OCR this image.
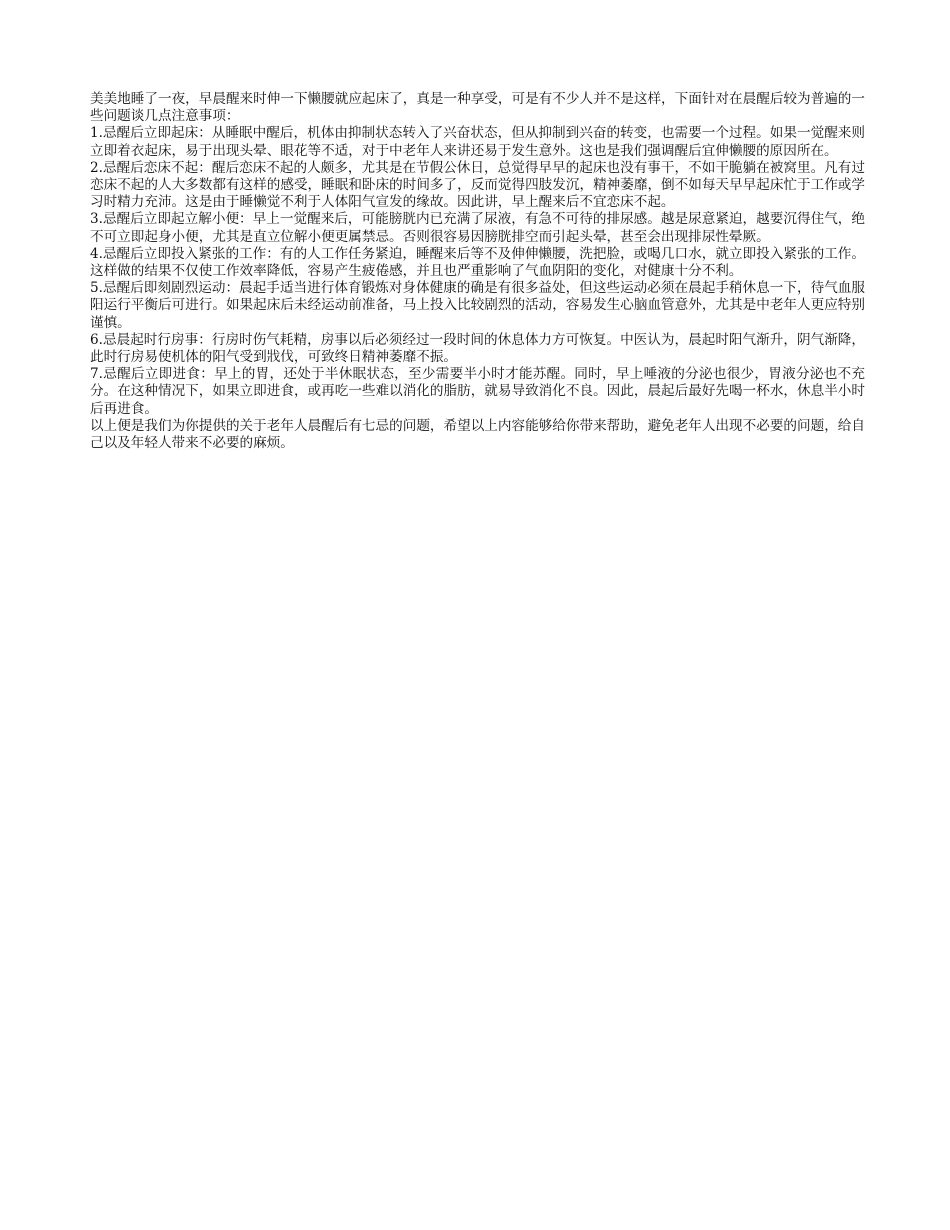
美美地睡了一夜，早晨醒来时伸一下懒腰就应起床了，真是一种享受，可是有不少人并不是这样，下面针对在晨醒后较为普遍的一些问题谈几点注意事项：

1.忌醒后立即起床：从睡眠中醒后，机体由抑制状态转入了兴奋状态，但从抑制到兴奋的转变，也需要一个过程。如果一觉醒来则立即着衣起床，易于出现头晕、眼花等不适，对于中老年人来讲还易于发生意外。这也是我们强调醒后宜伸懒腰的原因所在。

2.忌醒后恋床不起：醒后恋床不起的人颇多，尤其是在节假公休日，总觉得早早的起床也没有事干，不如干脆躺在被窝里。凡有过恋床不起的人大多数都有这样的感受，睡眠和卧床的时间多了，反而觉得四肢发沉，精神萎靡，倒不如每天早早起床忙于工作或学习时精力充沛。这是由于睡懒觉不利于人体阳气宣发的缘故。因此讲，早上醒来后不宜恋床不起。

3.忌醒后立即起立解小便：早上一觉醒来后，可能膀胱内已充满了尿液，有急不可待的排尿感。越是尿意紧迫，越要沉得住气，绝不可立即起身小便，尤其是直立位解小便更属禁忌。否则很容易因膀胱排空而引起头晕，甚至会出现排尿性晕厥。

4.忌醒后立即投入紧张的工作：有的人工作任务紧迫，睡醒来后等不及伸伸懒腰，洗把脸，或喝几口水，就立即投入紧张的工作。这样做的结果不仅使工作效率降低，容易产生疲倦感，并且也严重影响了气血阴阳的变化，对健康十分不利。

5.忌醒后即刻剧烈运动：晨起手适当进行体育锻炼对身体健康的确是有很多益处，但这些运动必须在晨起手稍休息一下，待气血服阳运行平衡后可进行。如果起床后未经运动前准备，马上投入比较剧烈的活动，容易发生心脑血管意外，尤其是中老年人更应特别谨慎。

6.忌晨起时行房事：行房时伤气耗精，房事以后必须经过一段时间的休息体力方可恢复。中医认为，晨起时阳气渐升，阴气渐降，此时行房易使机体的阳气受到戕伐，可致终日精神萎靡不振。

7.忌醒后立即进食：早上的胃，还处于半休眠状态，至少需要半小时才能苏醒。同时，早上唾液的分泌也很少，胃液分泌也不充分。在这种情况下，如果立即进食，或再吃一些难以消化的脂肪，就易导致消化不良。因此，晨起后最好先喝一杯水，休息半小时后再进食。

以上便是我们为你提供的关于老年人晨醒后有七忌的问题，希望以上内容能够给你带来帮助，避免老年人出现不必要的问题，给自己以及年轻人带来不必要的麻烦。
